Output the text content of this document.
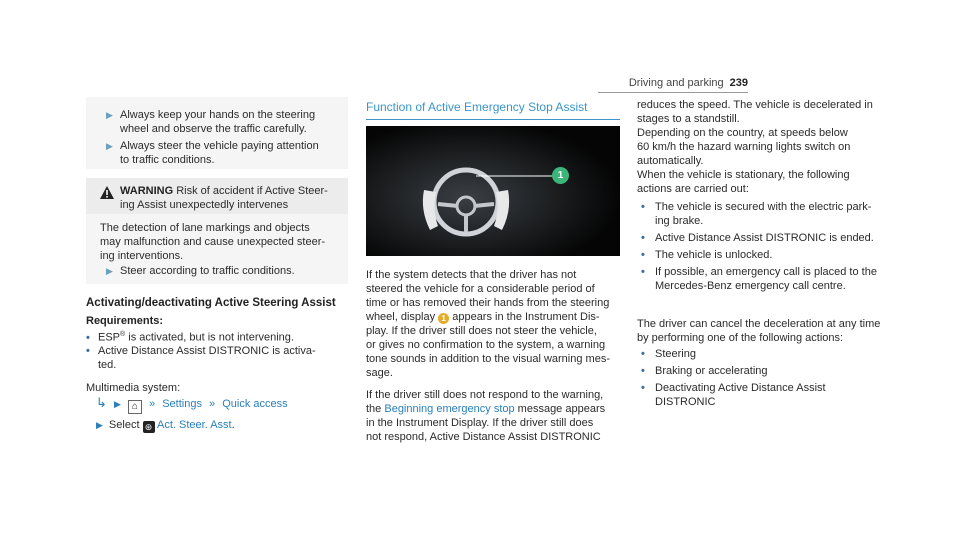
Driving and parking 239
▶ Always keep your hands on the steering
wheel and observe the traffic carefully.
▶ Always steer the vehicle paying attention
to traffic conditions.
WARNING Risk of accident if Active Steer-
ing Assist unexpectedly intervenes
The detection of lane markings and objects
may malfunction and cause unexpected steer-
ing interventions.
▶ Steer according to traffic conditions.
Activating/deactivating Active Steering Assist
Requirements:
• ESP® is activated, but is not intervening.
• Active Distance Assist DISTRONIC is activa-
ted.
Multimedia system:
↳ ▶ ⌂ » Settings » Quick access
▶ Select ⊛ Act. Steer. Asst.
Function of Active Emergency Stop Assist
1
If the system detects that the driver has not
steered the vehicle for a considerable period of
time or has removed their hands from the steering
wheel, display 1 appears in the Instrument Dis-
play. If the driver still does not steer the vehicle,
or gives no confirmation to the system, a warning
tone sounds in addition to the visual warning mes-
sage.
If the driver still does not respond to the warning,
the Beginning emergency stop message appears
in the Instrument Display. If the driver still does
not respond, Active Distance Assist DISTRONIC
reduces the speed. The vehicle is decelerated in
stages to a standstill.
Depending on the country, at speeds below
60 km/h the hazard warning lights switch on
automatically.
When the vehicle is stationary, the following
actions are carried out:
• The vehicle is secured with the electric park-
ing brake.
• Active Distance Assist DISTRONIC is ended.
• The vehicle is unlocked.
• If possible, an emergency call is placed to the
Mercedes-Benz emergency call centre.
The driver can cancel the deceleration at any time
by performing one of the following actions:
• Steering
• Braking or accelerating
• Deactivating Active Distance Assist
DISTRONIC
